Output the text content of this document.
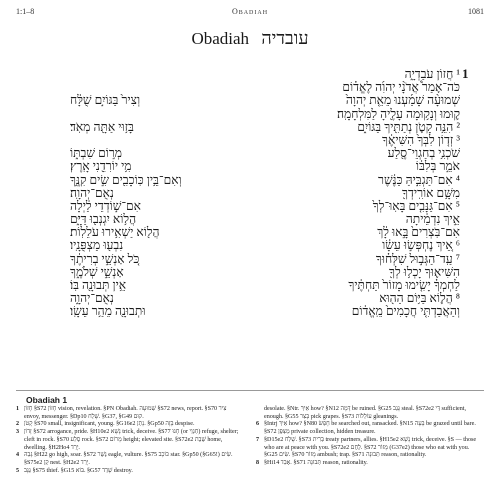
1:1–8	Obadiah	1081
Obadiah עובדיה
1
¹ חֲזוֹן עֹבַדְיָ֑ה
כֹּה־אָמַר֩ אֲדֹנָ֨י יְהוִ֜ה לֶאֱד֗וֹם
שְׁמוּעָ֨ה שָׁמַ֜עְנוּ מֵאֵ֤ת יְהוָה֙
וְצִיר֙ בַּגּוֹיִ֣ם שֻׁלָּ֔ח
ק֛וּמוּ וְנָק֥וּמָה עָלֶ֖יהָ לַמִּלְחָמָֽה׃
² הִנֵּ֥ה קָטֹ֛ן נְתַתִּ֖יךָ בַּגּוֹיִ֑ם
בָּז֥וּי אַתָּ֖ה מְאֹֽד׃
³ זְד֤וֹן לִבְּךָ֙ הִשִּׁיאֶ֔ךָ
שֹׁכְנִ֥י בְחַגְוֵי־סֶ֖לַע
מְר֣וֹם שִׁבְתּ֑וֹ
אֹמֵ֣ר בְּלִבּ֔וֹ
מִ֥י יוֹרִדֵ֖נִי אָֽרֶץ׃
⁴ אִם־תַּגְבִּ֣יהַּ כַּנֶּ֔שֶׁר
וְאִם־בֵּ֥ין כּֽוֹכָבִ֖ים שִׂ֣ים קִנֶּ֑ךָ
מִשָּׁ֥ם אוֹרִֽידְךָ֖
נְאֻם־יְהוָֽה׃
⁵ אִם־גַּנָּבִ֤ים בָּאֽוּ־לְךָ֙
אִם־שׁ֣וֹדְדֵי לַ֔יְלָה
אֵ֣יךְ נִדְמֵ֔יתָה
הֲל֥וֹא יִגְנְב֖וּ דַּיָּ֑ם
אִם־בֹּֽצְרִים֙ בָּ֣אוּ לָ֔ךְ
הֲל֖וֹא יַשְׁאִ֥ירוּ עֹלֵלֽוֹת׃
⁶ אֵ֚יךְ נֶחְפְּשׂ֣וּ עֵשָׂ֔ו
נִבְע֖וּ מַצְפֻּנָֽיו׃
⁷ עַֽד־הַגְּב֣וּל שִׁלְּח֗וּךָ
כֹּ֚ל אַנְשֵׁ֣י בְרִיתֶ֔ךָ
הִשִּׁיא֛וּךָ יָכְל֥וּ לְךָ֖
אַנְשֵׁ֣י שְׁלֹמֶ֑ךָ
לַחְמְךָ֗ יָשִׂ֤ימוּ מָזוֹר֙ תַּחְתֶּ֔יךָ
אֵ֥ין תְּבוּנָ֖ה בּֽוֹ׃
⁸ הֲל֛וֹא בַּיּ֥וֹם הַה֖וּא
נְאֻם־יְהוָ֑ה
וְהַאֲבַדְתִּ֤י חֲכָמִים֙ מֵֽאֱד֔וֹם
וּתְבוּנָ֖ה מֵהַ֥ר עֵשָֽׂו׃
Obadiah 1

1 חָזוֹן §S72 חָזוֹן vision, revelation. §PN Obadiah. שְׁמוּעָה §S72 news, report. §S70 צִיר envoy, messenger. §Dp10 שָׁלַח. §G37, §G49 קוּם.

2 קָטֹן §S70 small, insignificant, young. §G16e2 נָתַן. §Gp50 בָּזָה despise.

3 זָדוֹן §S72 arrogance, pride. §H10e2 נָשָׁא trick, deceive. §S77 חָגוּ (or חַגְוֵי) refuge, shelter; cleft in rock. §S70 סֶלַע rock. §S72 מָרוֹם height; elevated site. §S72e2 שֶׁבֶת home, dwelling. §H2Ho4 יָרַד.

4 גָּבַהּ §H22 go high, soar. §S72 נֶשֶׁר eagle, vulture. §S75 כּוֹכָב star. §Gp50 (§G65!) שִׂים. §S75e2 קֵן nest. §H2e2 יָרַד.

5 גַּנָּב §S75 thief. §G15 בּוֹא. §G57 שָׁדַד destroy.

desolate. §Ntr. אֵיךְ how? §N12 דָּמָה be ruined. §G25 גָּנַב steal. §S72e2 דַּי sufficient, enough. §G55 בָּצַר pick grapes. §S73 עוֹלֵלוֹת gleanings.

6 §Intrj אֵיךְ how? §N80 חָפַשׂ be searched out, ransacked. §N15 בָּעָה be grazed until bare. §S72 מַצְפֻּן private collection, hidden treasure.

7 §D15e2 שָׁלַח. §S73 בְּרִית treaty partners, allies. §H15e2 נָשָׁא trick, deceive. §S — those who are at peace with you. §S72e2 לֶחֶם. §S72 מָזוֹר (G37e2) those who eat with you. §G25 שִׂים. §S70 מָזוֹר ambush; trap. §S71 תְּבוּנָה reason, rationality.

8 §Hi14 אָבַד. §S71 תְּבוּנָה reason, rationality.
